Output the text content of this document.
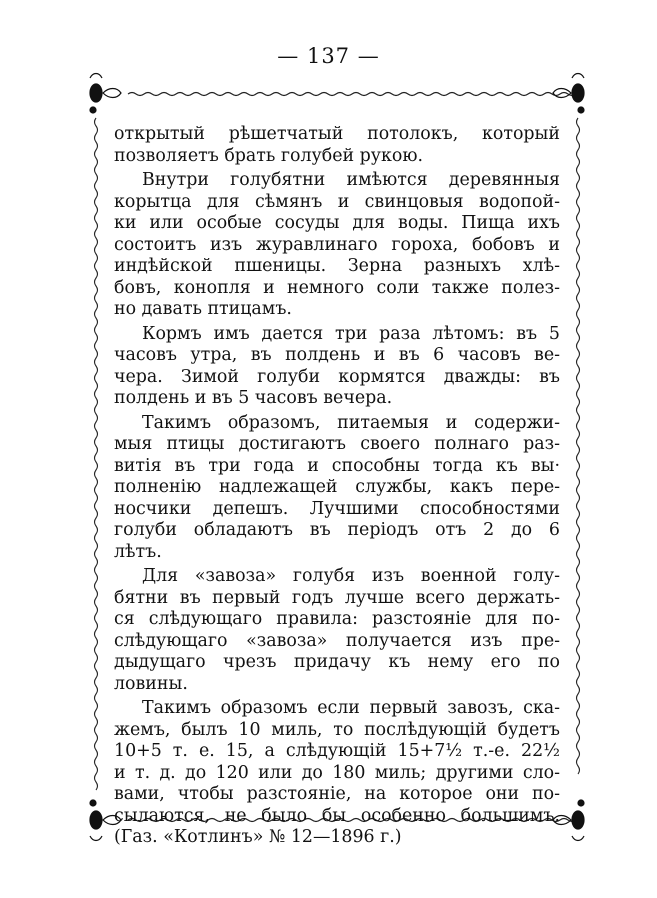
— 137 —
открытый рѣшетчатый потолокъ, который
позволяетъ брать голубей рукою.
Внутри голубятни имѣются деревянныя
корытца для сѣмянъ и свинцовыя водопой-
ки или особые сосуды для воды. Пища ихъ
состоитъ изъ журавлинаго гороха, бобовъ и
индѣйской пшеницы. Зерна разныхъ хлѣ-
бовъ, конопля и немного соли также полез-
но давать птицамъ.
Кормъ имъ дается три раза лѣтомъ: въ 5
часовъ утра, въ полдень и въ 6 часовъ ве-
чера. Зимой голуби кормятся дважды: въ
полдень и въ 5 часовъ вечера.
Такимъ образомъ, питаемыя и содержи-
мыя птицы достигаютъ своего полнаго раз-
витія въ три года и способны тогда къ вы·
полненію надлежащей службы, какъ пере-
носчики депешъ. Лучшими способностями
голуби обладаютъ въ періодъ отъ 2 до 6
лѣтъ.
Для «завоза» голубя изъ военной голу-
бятни въ первый годъ лучше всего держать-
ся слѣдующаго правила: разстояніе для по-
слѣдующаго «завоза» получается изъ пре-
дыдущаго чрезъ придачу къ нему его по
ловины.
Такимъ образомъ если первый завозъ, ска-
жемъ, былъ 10 миль, то послѣдующій будетъ
10+5 т. е. 15, а слѣдующій 15+7½ т.-е. 22½
и т. д. до 120 или до 180 миль; другими сло-
вами, чтобы разстояніе, на которое они по-
сылаются, не было бы особенно большимъ.
(Газ. «Котлинъ» № 12—1896 г.)
